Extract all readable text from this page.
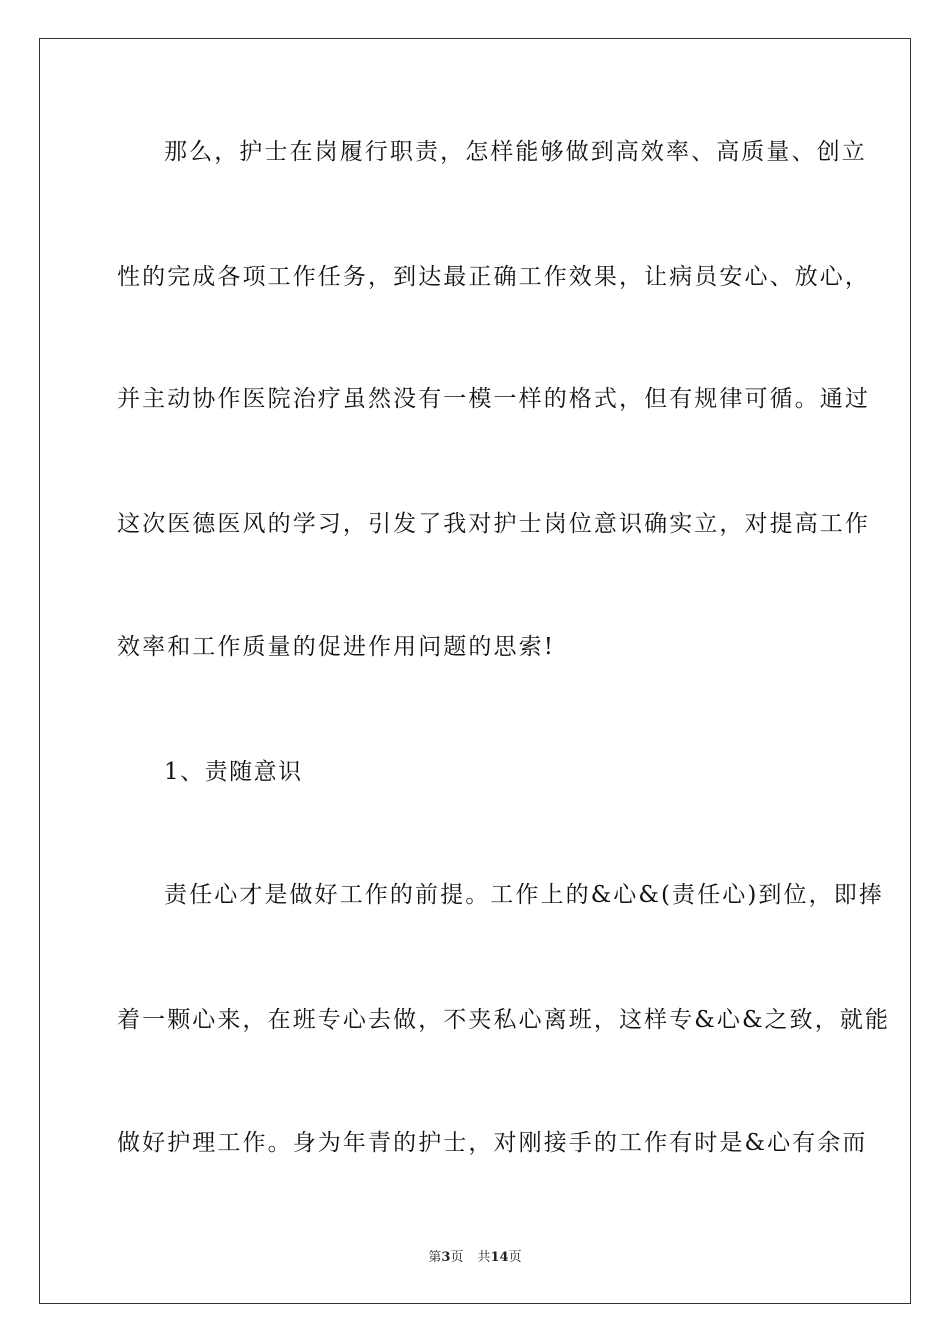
那么，护士在岗履行职责，怎样能够做到高效率、高质量、创立
性的完成各项工作任务，到达最正确工作效果，让病员安心、放心，
并主动协作医院治疗虽然没有一模一样的格式，但有规律可循。通过
这次医德医风的学习，引发了我对护士岗位意识确实立，对提高工作
效率和工作质量的促进作用问题的思索!
1、责随意识
责任心才是做好工作的前提。工作上的&心&(责任心)到位，即捧
着一颗心来，在班专心去做，不夹私心离班，这样专&心&之致，就能
做好护理工作。身为年青的护士，对刚接手的工作有时是&心有余而
第3页 共14页
